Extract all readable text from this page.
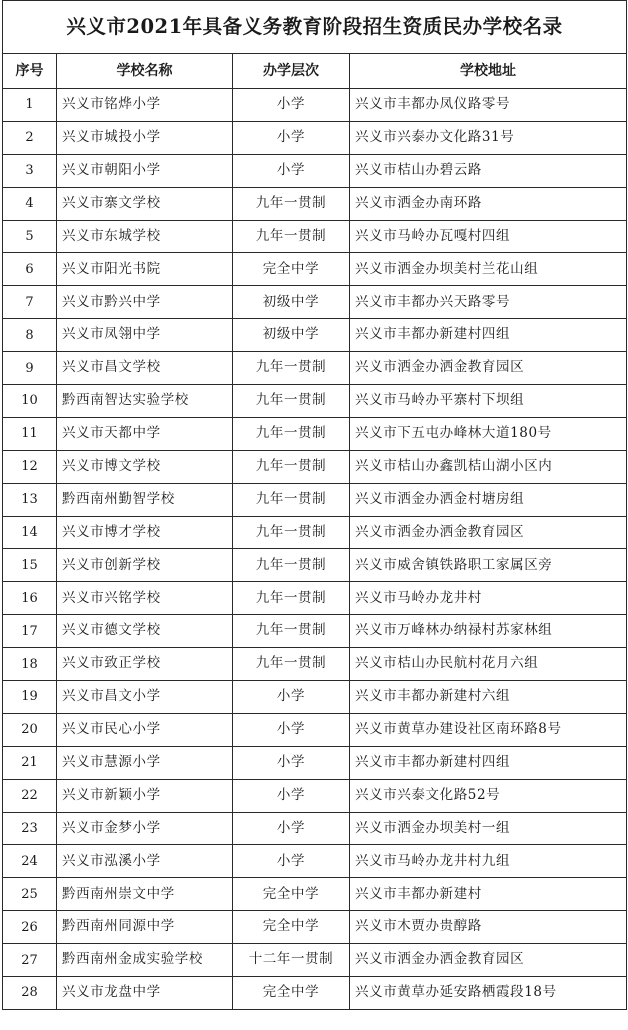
兴义市2021年具备义务教育阶段招生资质民办学校名录			
序号	学校名称	办学层次	学校地址
1	兴义市铭烨小学	小学	兴义市丰都办凤仪路零号
2	兴义市城投小学	小学	兴义市兴泰办文化路31号
3	兴义市朝阳小学	小学	兴义市桔山办碧云路
4	兴义市寨文学校	九年一贯制	兴义市洒金办南环路
5	兴义市东城学校	九年一贯制	兴义市马岭办瓦嘎村四组
6	兴义市阳光书院	完全中学	兴义市洒金办坝美村兰花山组
7	兴义市黔兴中学	初级中学	兴义市丰都办兴天路零号
8	兴义市凤翎中学	初级中学	兴义市丰都办新建村四组
9	兴义市昌文学校	九年一贯制	兴义市洒金办洒金教育园区
10	黔西南智达实验学校	九年一贯制	兴义市马岭办平寨村下坝组
11	兴义市天都中学	九年一贯制	兴义市下五屯办峰林大道180号
12	兴义市博文学校	九年一贯制	兴义市桔山办鑫凯桔山湖小区内
13	黔西南州勤智学校	九年一贯制	兴义市洒金办洒金村塘房组
14	兴义市博才学校	九年一贯制	兴义市洒金办洒金教育园区
15	兴义市创新学校	九年一贯制	兴义市威舍镇铁路职工家属区旁
16	兴义市兴铭学校	九年一贯制	兴义市马岭办龙井村
17	兴义市德文学校	九年一贯制	兴义市万峰林办纳禄村苏家林组
18	兴义市致正学校	九年一贯制	兴义市桔山办民航村花月六组
19	兴义市昌文小学	小学	兴义市丰都办新建村六组
20	兴义市民心小学	小学	兴义市黄草办建设社区南环路8号
21	兴义市慧源小学	小学	兴义市丰都办新建村四组
22	兴义市新颖小学	小学	兴义市兴泰文化路52号
23	兴义市金梦小学	小学	兴义市洒金办坝美村一组
24	兴义市泓溪小学	小学	兴义市马岭办龙井村九组
25	黔西南州崇文中学	完全中学	兴义市丰都办新建村
26	黔西南州同源中学	完全中学	兴义市木贾办贵醇路
27	黔西南州金成实验学校	十二年一贯制	兴义市洒金办洒金教育园区
28	兴义市龙盘中学	完全中学	兴义市黄草办延安路栖霞段18号
